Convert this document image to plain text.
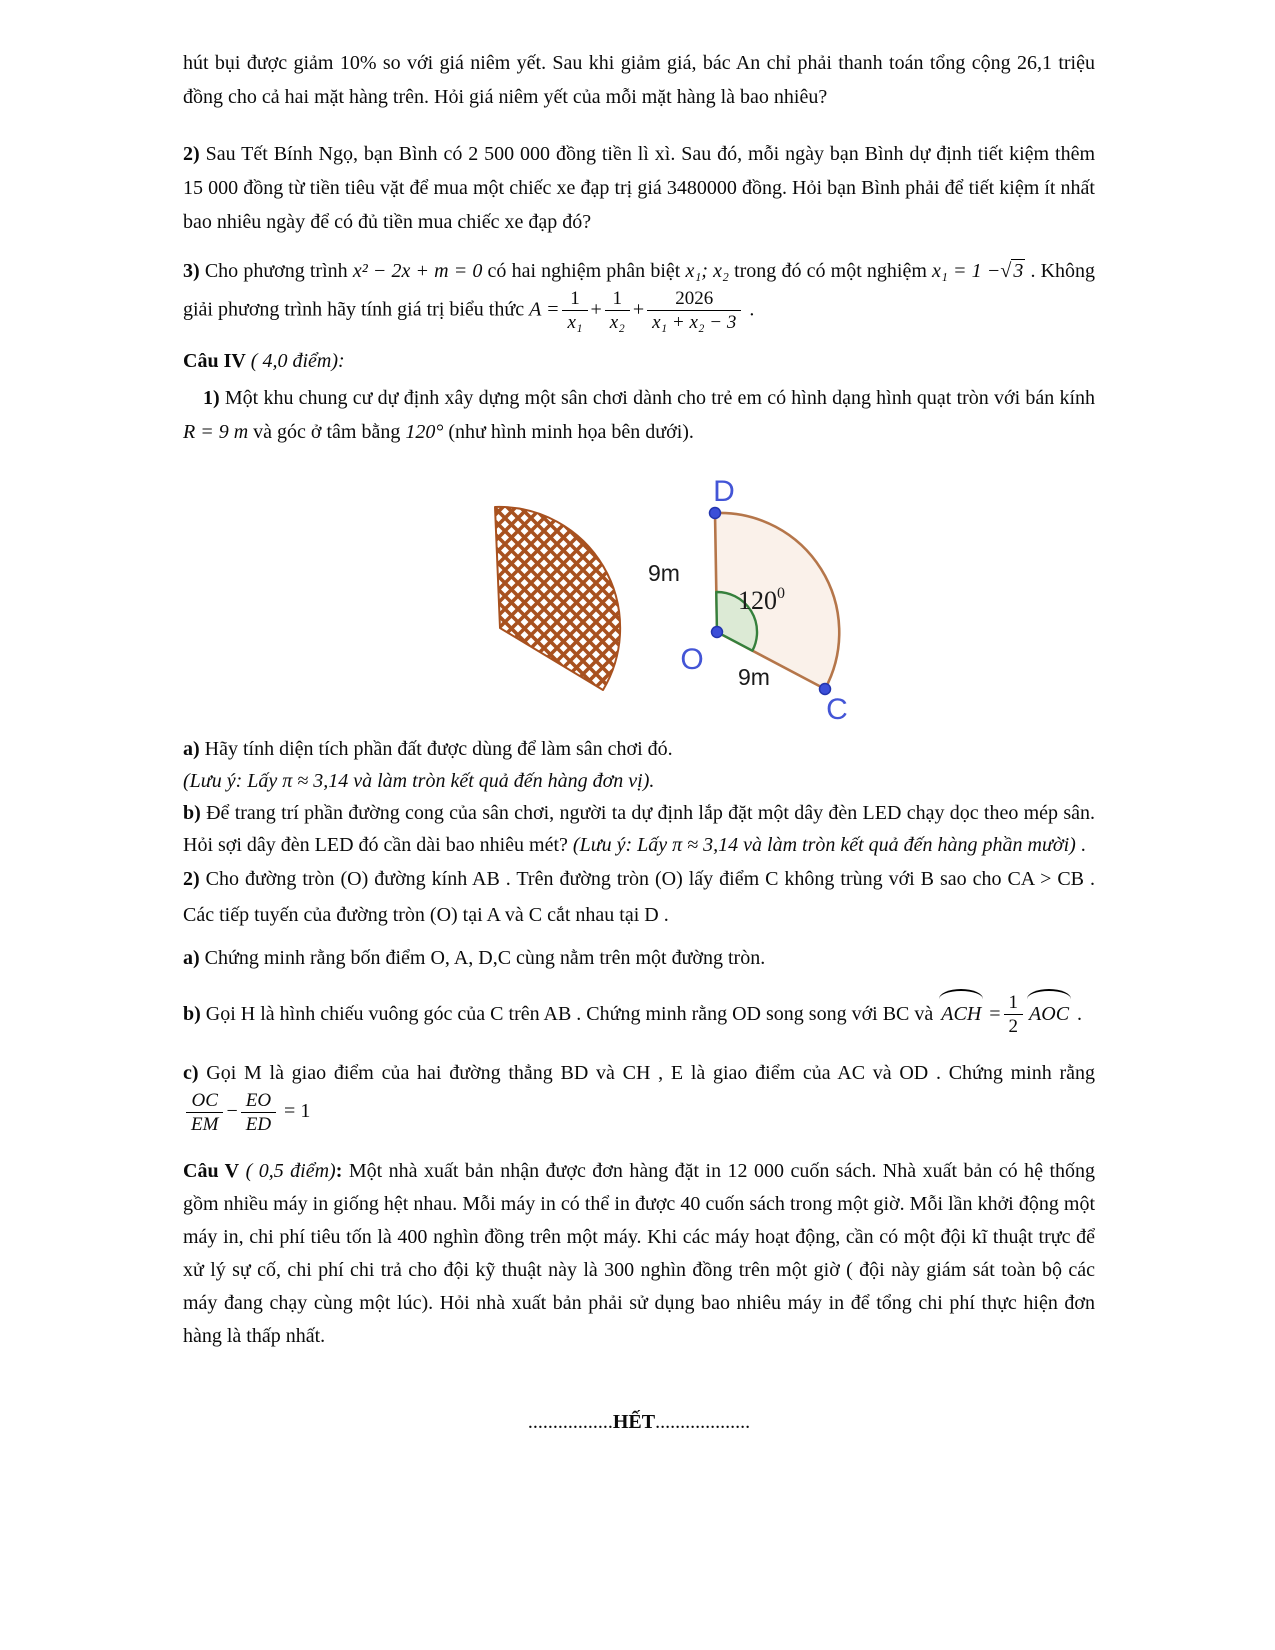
hút bụi được giảm 10% so với giá niêm yết. Sau khi giảm giá, bác An chỉ phải thanh toán tổng cộng 26,1 triệu đồng cho cả hai mặt hàng trên. Hỏi giá niêm yết của mỗi mặt hàng là bao nhiêu?

2) Sau Tết Bính Ngọ, bạn Bình có 2 500 000 đồng tiền lì xì. Sau đó, mỗi ngày bạn Bình dự định tiết kiệm thêm 15 000 đồng từ tiền tiêu vặt để mua một chiếc xe đạp trị giá 3480000 đồng. Hỏi bạn Bình phải để tiết kiệm ít nhất bao nhiêu ngày để có đủ tiền mua chiếc xe đạp đó?

3) Cho phương trình x² − 2x + m = 0 có hai nghiệm phân biệt x₁; x₂ trong đó có một nghiệm x₁ = 1 −√ 3 . Không giải phương trình hãy tính giá trị biểu thức $A = \frac{1}{\text{x₁}} + \frac{1}{\text{x₂}} + \frac{2026}{\text{x₁ + x₂ − 3}}$ .

Câu IV ( 4,0 điểm):

1) Một khu chung cư dự định xây dựng một sân chơi dành cho trẻ em có hình dạng hình quạt tròn với bán kính R = 9 m và góc ở tâm bằng 120° (như hình minh họa bên dưới).

D
O
C
9m
9m
$120^0$

a) Hãy tính diện tích phần đất được dùng để làm sân chơi đó.

(Lưu ý: Lấy π ≈ 3,14 và làm tròn kết quả đến hàng đơn vị).

b) Để trang trí phần đường cong của sân chơi, người ta dự định lắp đặt một dây đèn LED chạy dọc theo mép sân. Hỏi sợi dây đèn LED đó cần dài bao nhiêu mét? (Lưu ý: Lấy π ≈ 3,14 và làm tròn kết quả đến hàng phần mười) .

2) Cho đường tròn (O) đường kính AB . Trên đường tròn (O) lấy điểm C không trùng với B sao cho CA > CB . Các tiếp tuyến của đường tròn (O) tại A và C cắt nhau tại D .

a) Chứng minh rằng bốn điểm O, A, D,C cùng nằm trên một đường tròn.

b) Gọi H là hình chiếu vuông góc của C trên AB . Chứng minh rằng OD song song với BC và ACH = $\frac{1}{2}$ AOC .

c) Gọi M là giao điểm của hai đường thẳng BD và CH , E là giao điểm của AC và OD . Chứng minh rằng
$\frac{OC}{EM} - \frac{EO}{ED} = 1$

Câu V ( 0,5 điểm): Một nhà xuất bản nhận được đơn hàng đặt in 12 000 cuốn sách. Nhà xuất bản có hệ thống gồm nhiều máy in giống hệt nhau. Mỗi máy in có thể in được 40 cuốn sách trong một giờ. Mỗi lần khởi động một máy in, chi phí tiêu tốn là 400 nghìn đồng trên một máy. Khi các máy hoạt động, cần có một đội kĩ thuật trực để xử lý sự cố, chi phí chi trả cho đội kỹ thuật này là 300 nghìn đồng trên một giờ ( đội này giám sát toàn bộ các máy đang chạy cùng một lúc). Hỏi nhà xuất bản phải sử dụng bao nhiêu máy in để tổng chi phí thực hiện đơn hàng là thấp nhất.

.................HẾT...................
